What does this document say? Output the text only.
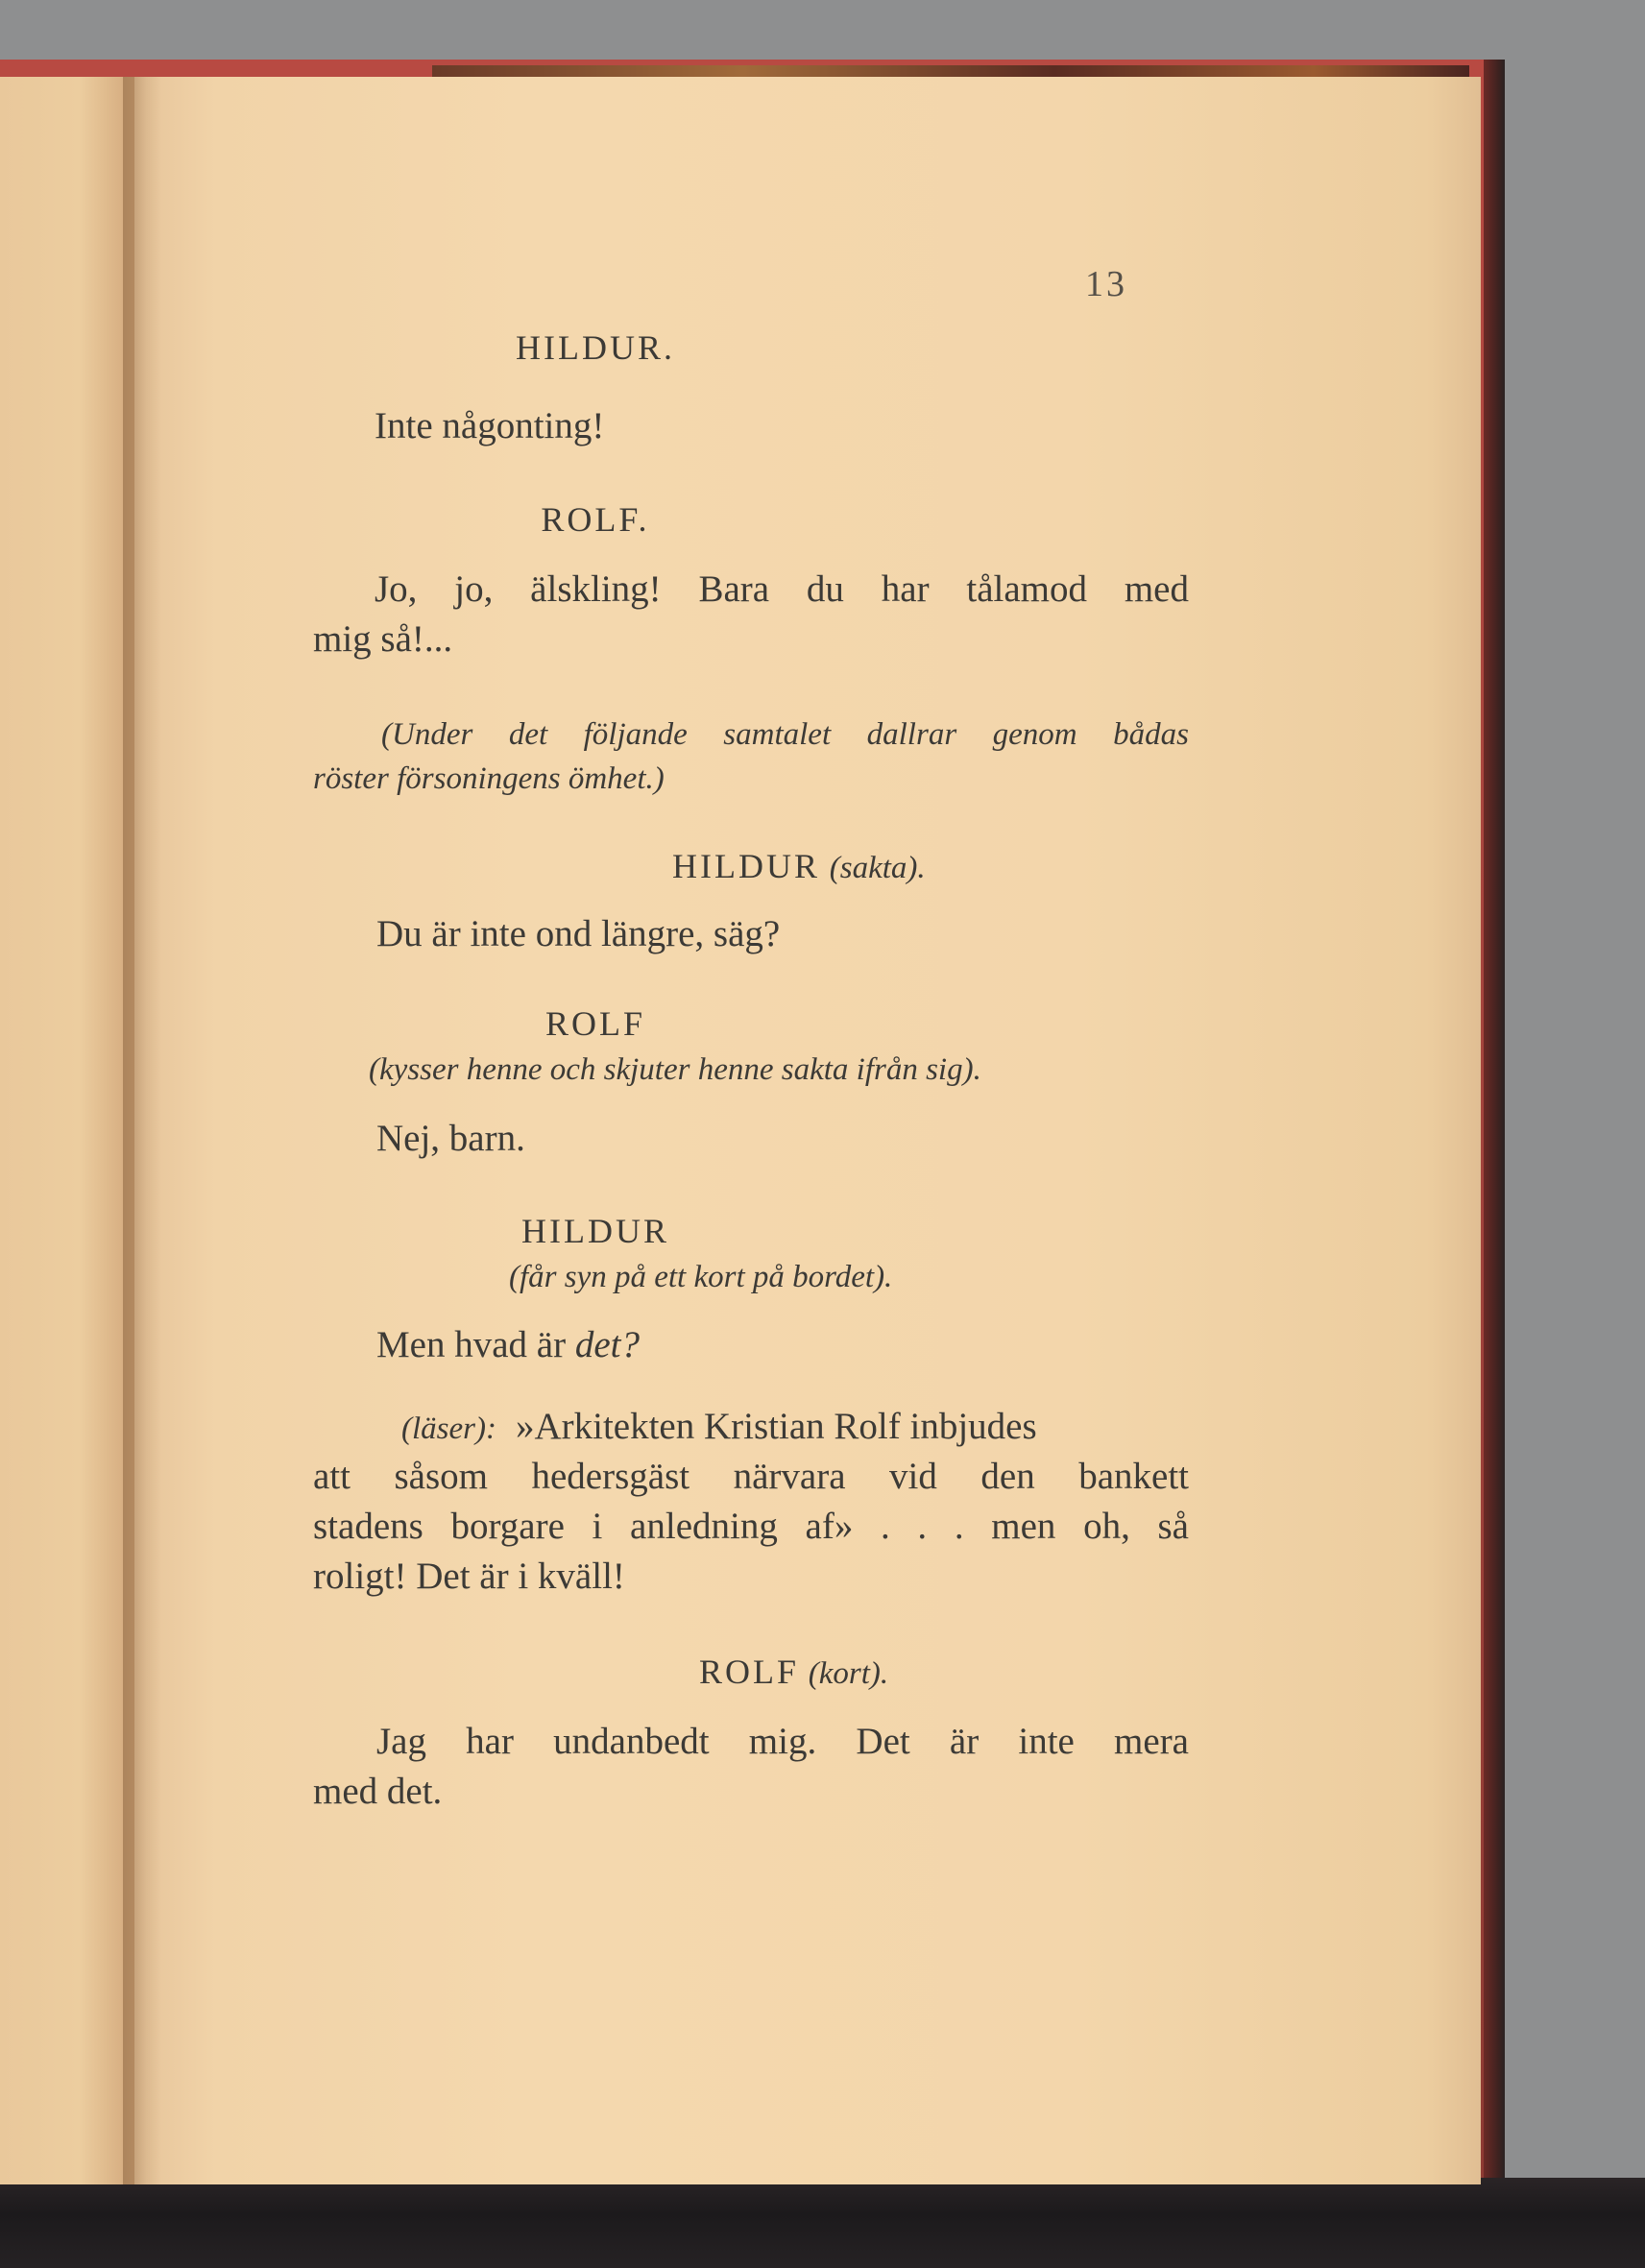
13
HILDUR.
Inte någonting!
ROLF.
Jo, jo, älskling! Bara du har tålamod med
mig så!...
(Under det följande samtalet dallrar genom bådas
röster försoningens ömhet.)
HILDUR (sakta).
Du är inte ond längre, säg?
ROLF
(kysser henne och skjuter henne sakta ifrån sig).
Nej, barn.
HILDUR
(får syn på ett kort på bordet).
Men hvad är det?
(läser): »Arkitekten Kristian Rolf inbjudes
att såsom hedersgäst närvara vid den bankett
stadens borgare i anledning af» . . . men oh, så
roligt! Det är i kväll!
ROLF (kort).
Jag har undanbedt mig. Det är inte mera
med det.
